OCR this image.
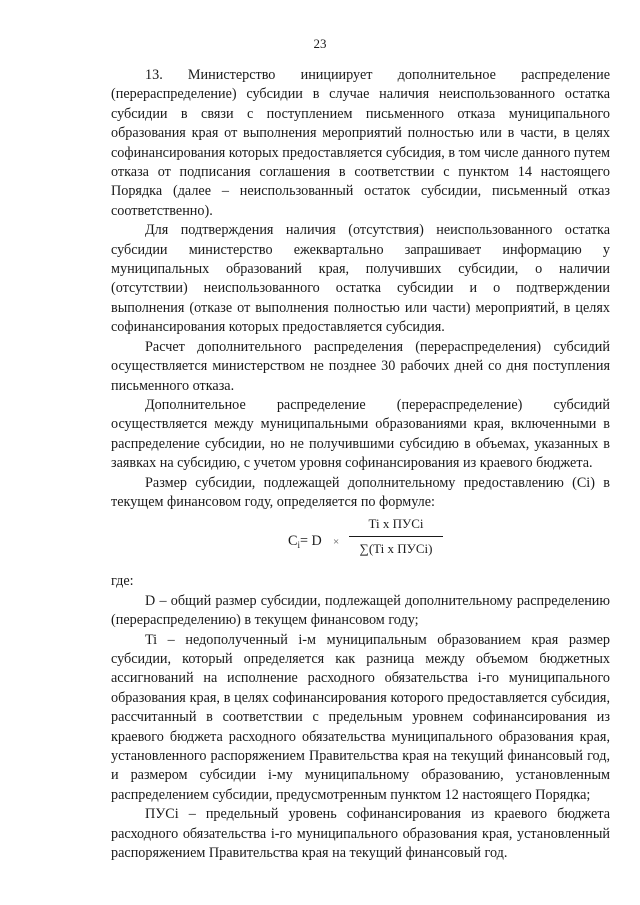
23

13. Министерство инициирует дополнительное распределение (перераспределение) субсидии в случае наличия неиспользованного остатка субсидии в связи с поступлением письменного отказа муниципального образования края от выполнения мероприятий полностью или в части, в целях софинансирования которых предоставляется субсидия, в том числе данного путем отказа от подписания соглашения в соответствии с пунктом 14 настоящего Порядка (далее – неиспользованный остаток субсидии, письменный отказ соответственно).

Для подтверждения наличия (отсутствия) неиспользованного остатка субсидии министерство ежеквартально запрашивает информацию у муниципальных образований края, получивших субсидии, о наличии (отсутствии) неиспользованного остатка субсидии и о подтверждении выполнения (отказе от выполнения полностью или части) мероприятий, в целях софинансирования которых предоставляется субсидия.

Расчет дополнительного распределения (перераспределения) субсидий осуществляется министерством не позднее 30 рабочих дней со дня поступления письменного отказа.

Дополнительное распределение (перераспределение) субсидий осуществляется между муниципальными образованиями края, включенными в распределение субсидии, но не получившими субсидию в объемах, указанных в заявках на субсидию, с учетом уровня софинансирования из краевого бюджета.

Размер субсидии, подлежащей дополнительному предоставлению (Сi) в текущем финансовом году, определяется по формуле:

$C_i= D$ ×
Ti x ПУСi
∑(Ti x ПУСi)

где:

D – общий размер субсидии, подлежащей дополнительному распределению (перераспределению) в текущем финансовом году;

Ti – недополученный i-м муниципальным образованием края размер субсидии, который определяется как разница между объемом бюджетных ассигнований на исполнение расходного обязательства i-го муниципального образования края, в целях софинансирования которого предоставляется субсидия, рассчитанный в соответствии с предельным уровнем софинансирования из краевого бюджета расходного обязательства муниципального образования края, установленного распоряжением Правительства края на текущий финансовый год, и размером субсидии i-му муниципальному образованию, установленным распределением субсидии, предусмотренным пунктом 12 настоящего Порядка;

ПУСi – предельный уровень софинансирования из краевого бюджета расходного обязательства i-го муниципального образования края, установленный распоряжением Правительства края на текущий финансовый год.
